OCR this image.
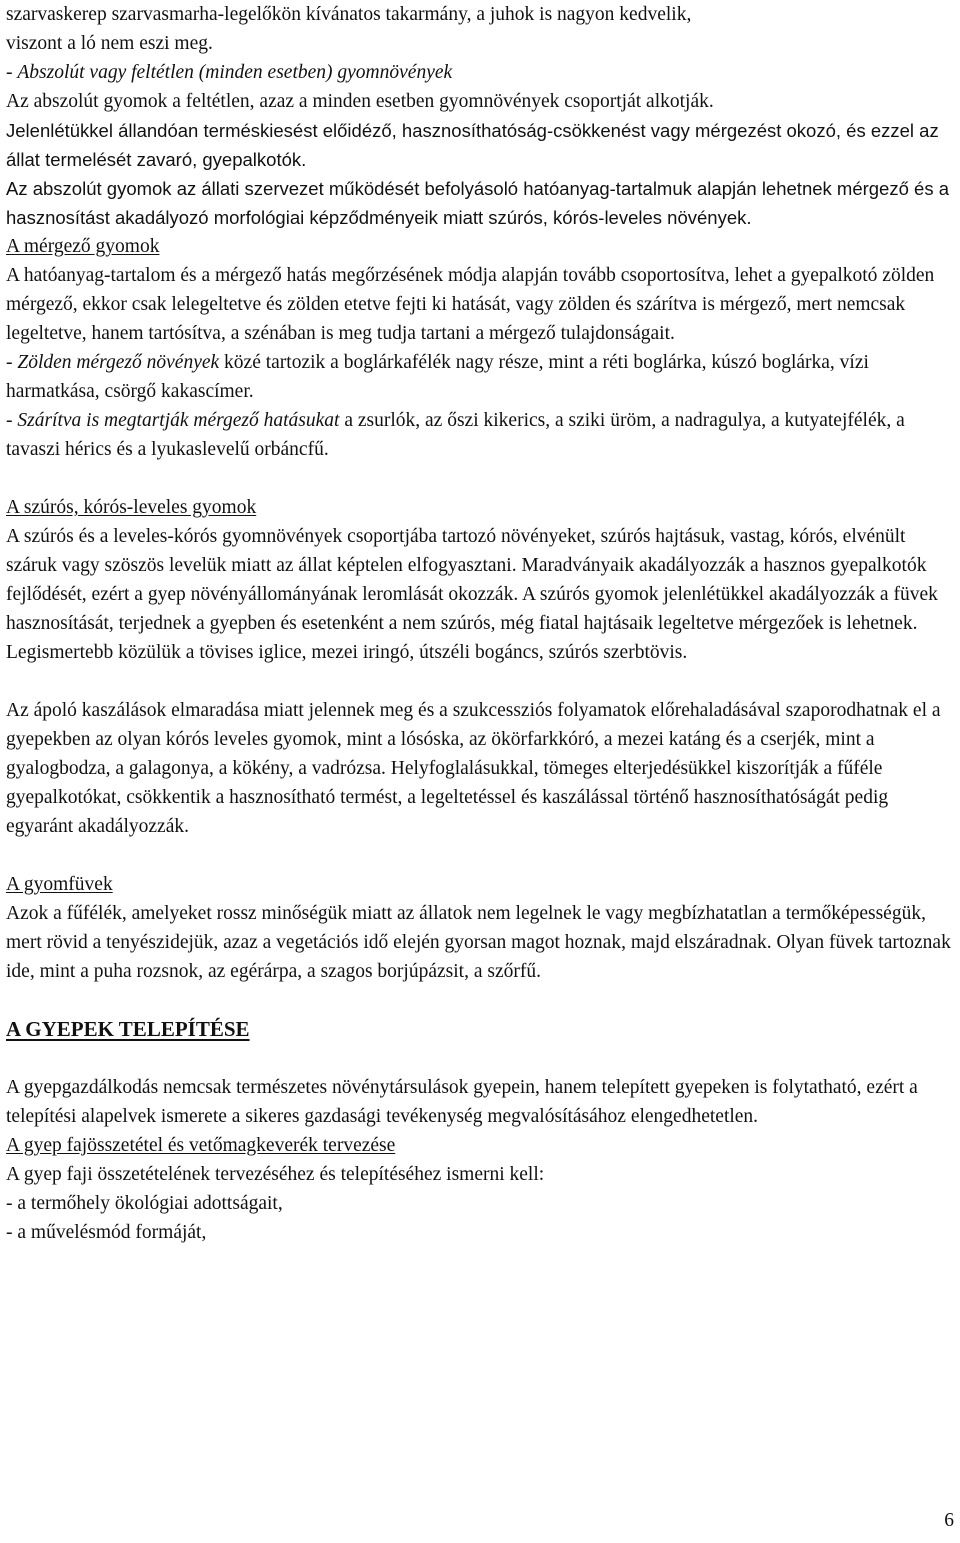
szarvaskerep szarvasmarha-legelőkön kívánatos takarmány, a juhok is nagyon kedvelik,

viszont a ló nem eszi meg.

- Abszolút vagy feltétlen (minden esetben) gyomnövények

Az abszolút gyomok a feltétlen, azaz a minden esetben gyomnövények csoportját alkotják.

Jelenlétükkel állandóan terméskiesést előidéző, hasznosíthatóság-csökkenést vagy mérgezést okozó, és ezzel az állat termelését zavaró, gyepalkotók.

Az abszolút gyomok az állati szervezet működését befolyásoló hatóanyag-tartalmuk alapján lehetnek mérgező és a hasznosítást akadályozó morfológiai képződményeik miatt szúrós, kórós-leveles növények.

A mérgező gyomok

A hatóanyag-tartalom és a mérgező hatás megőrzésének módja alapján tovább csoportosítva, lehet a gyepalkotó zölden mérgező, ekkor csak lelegeltetve és zölden etetve fejti ki hatását, vagy zölden és szárítva is mérgező, mert nemcsak legeltetve, hanem tartósítva, a szénában is meg tudja tartani a mérgező tulajdonságait.

- Zölden mérgező növények közé tartozik a boglárkafélék nagy része, mint a réti boglárka, kúszó boglárka, vízi harmatkása, csörgő kakascímer.

- Szárítva is megtartják mérgező hatásukat a zsurlók, az őszi kikerics, a sziki üröm, a nadragulya, a kutyatejfélék, a tavaszi hérics és a lyukaslevelű orbáncfű.

A szúrós, kórós-leveles gyomok

A szúrós és a leveles-kórós gyomnövények csoportjába tartozó növényeket, szúrós hajtásuk, vastag, kórós, elvénült száruk vagy szöszös levelük miatt az állat képtelen elfogyasztani. Maradványaik akadályozzák a hasznos gyepalkotók fejlődését, ezért a gyep növényállományának leromlását okozzák. A szúrós gyomok jelenlétükkel akadályozzák a füvek hasznosítását, terjednek a gyepben és esetenként a nem szúrós, még fiatal hajtásaik legeltetve mérgezőek is lehetnek. Legismertebb közülük a tövises iglice, mezei iringó, útszéli bogáncs, szúrós szerbtövis.

Az ápoló kaszálások elmaradása miatt jelennek meg és a szukcessziós folyamatok előrehaladásával szaporodhatnak el a gyepekben az olyan kórós leveles gyomok, mint a lósóska, az ökörfarkkóró, a mezei katáng és a cserjék, mint a gyalogbodza, a galagonya, a kökény, a vadrózsa. Helyfoglalásukkal, tömeges elterjedésükkel kiszorítják a fűféle gyepalkotókat, csökkentik a hasznosítható termést, a legeltetéssel és kaszálással történő hasznosíthatóságát pedig egyaránt akadályozzák.

A gyomfüvek

Azok a fűfélék, amelyeket rossz minőségük miatt az állatok nem legelnek le vagy megbízhatatlan a termőképességük, mert rövid a tenyészidejük, azaz a vegetációs idő elején gyorsan magot hoznak, majd elszáradnak. Olyan füvek tartoznak ide, mint a puha rozsnok, az egérárpa, a szagos borjúpázsit, a szőrfű.

A GYEPEK TELEPÍTÉSE

A gyepgazdálkodás nemcsak természetes növénytársulások gyepein, hanem telepített gyepeken is folytatható, ezért a telepítési alapelvek ismerete a sikeres gazdasági tevékenység megvalósításához elengedhetetlen.

A gyep fajösszetétel és vetőmagkeverék tervezése

A gyep faji összetételének tervezéséhez és telepítéséhez ismerni kell:

- a termőhely ökológiai adottságait,

- a művelésmód formáját,

6
